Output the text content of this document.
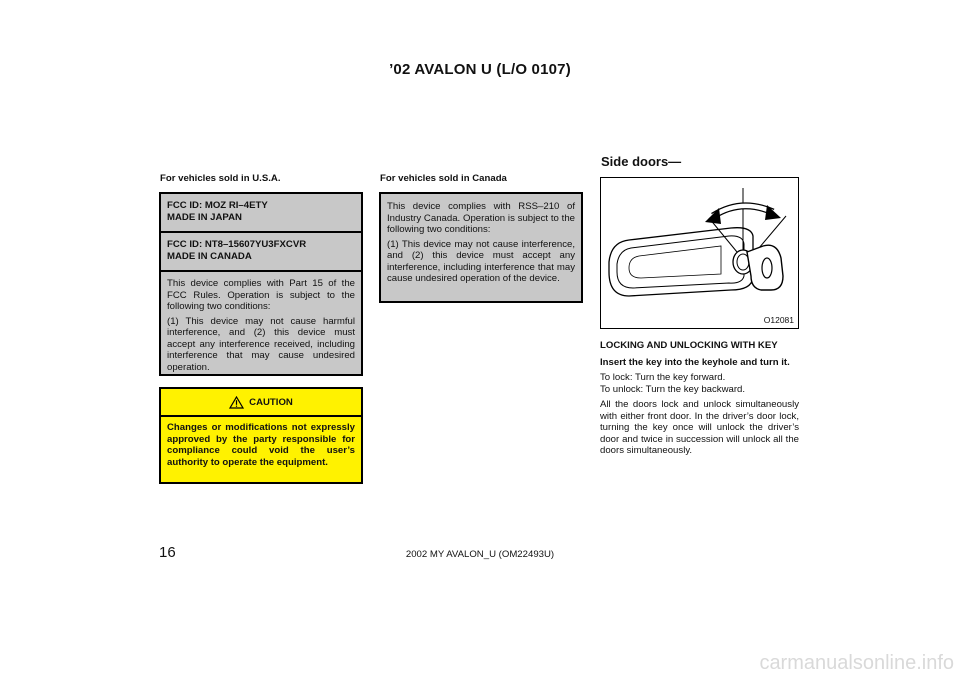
’02 AVALON U (L/O 0107)
For vehicles sold in U.S.A.
FCC ID: MOZ RI–4ETY
MADE IN JAPAN
FCC ID: NT8–15607YU3FXCVR
MADE IN CANADA

This device complies with Part 15 of the FCC Rules. Operation is subject to the following two conditions:

(1) This device may not cause harmful interference, and (2) this device must accept any interference received, including interference that may cause undesired operation.

CAUTION
Changes or modifications not expressly approved by the party responsible for compliance could void the user’s authority to operate the equipment.
For vehicles sold in Canada

This device complies with RSS–210 of Industry Canada. Operation is subject to the following two conditions:

(1) This device may not cause interference, and (2) this device must accept any interference, including interference that may cause undesired operation of the device.

Side doors—
O12081

LOCKING AND UNLOCKING WITH KEY

Insert the key into the keyhole and turn it.

To lock: Turn the key forward.

To unlock: Turn the key backward.

All the doors lock and unlock simultaneously with either front door. In the driver’s door lock, turning the key once will unlock the driver’s door and twice in succession will unlock all the doors simultaneously.

16	2002 MY AVALON_U (OM22493U)
carmanualsonline.info
